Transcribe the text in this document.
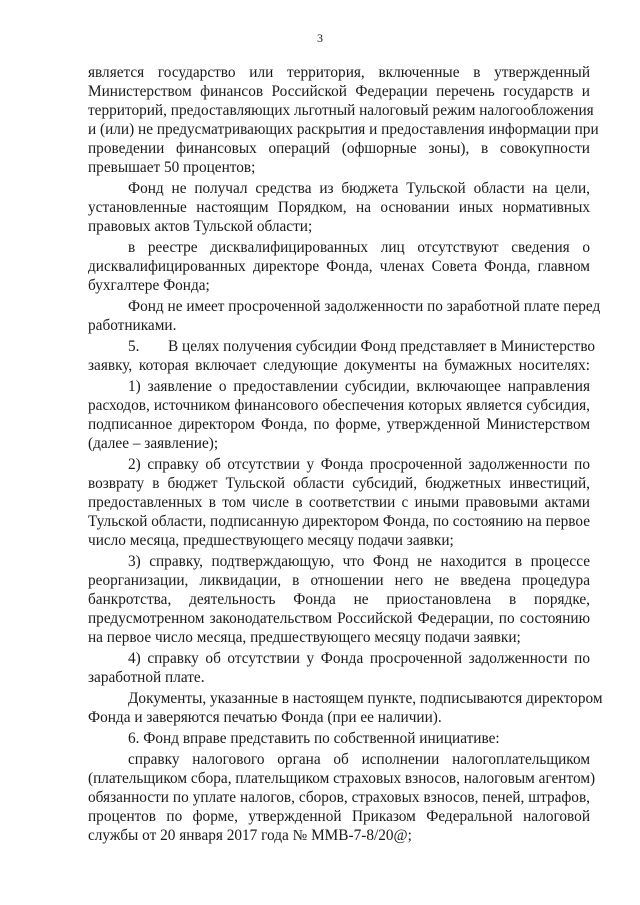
3
является государство или территория, включенные в утвержденный
Министерством финансов Российской Федерации перечень государств и
территорий, предоставляющих льготный налоговый режим налогообложения
и (или) не предусматривающих раскрытия и предоставления информации при
проведении финансовых операций (офшорные зоны), в совокупности
превышает 50 процентов;
Фонд не получал средства из бюджета Тульской области на цели,
установленные настоящим Порядком, на основании иных нормативных
правовых актов Тульской области;
в реестре дисквалифицированных лиц отсутствуют сведения о
дисквалифицированных директоре Фонда, членах Совета Фонда, главном
бухгалтере Фонда;
Фонд не имеет просроченной задолженности по заработной плате перед
работниками.
5. В целях получения субсидии Фонд представляет в Министерство
заявку, которая включает следующие документы на бумажных носителях:
1) заявление о предоставлении субсидии, включающее направления
расходов, источником финансового обеспечения которых является субсидия,
подписанное директором Фонда, по форме, утвержденной Министерством
(далее – заявление);
2) справку об отсутствии у Фонда просроченной задолженности по
возврату в бюджет Тульской области субсидий, бюджетных инвестиций,
предоставленных в том числе в соответствии с иными правовыми актами
Тульской области, подписанную директором Фонда, по состоянию на первое
число месяца, предшествующего месяцу подачи заявки;
3) справку, подтверждающую, что Фонд не находится в процессе
реорганизации, ликвидации, в отношении него не введена процедура
банкротства, деятельность Фонда не приостановлена в порядке,
предусмотренном законодательством Российской Федерации, по состоянию
на первое число месяца, предшествующего месяцу подачи заявки;
4) справку об отсутствии у Фонда просроченной задолженности по
заработной плате.
Документы, указанные в настоящем пункте, подписываются директором
Фонда и заверяются печатью Фонда (при ее наличии).
6. Фонд вправе представить по собственной инициативе:
справку налогового органа об исполнении налогоплательщиком
(плательщиком сбора, плательщиком страховых взносов, налоговым агентом)
обязанности по уплате налогов, сборов, страховых взносов, пеней, штрафов,
процентов по форме, утвержденной Приказом Федеральной налоговой
службы от 20 января 2017 года № ММВ-7-8/20@;
